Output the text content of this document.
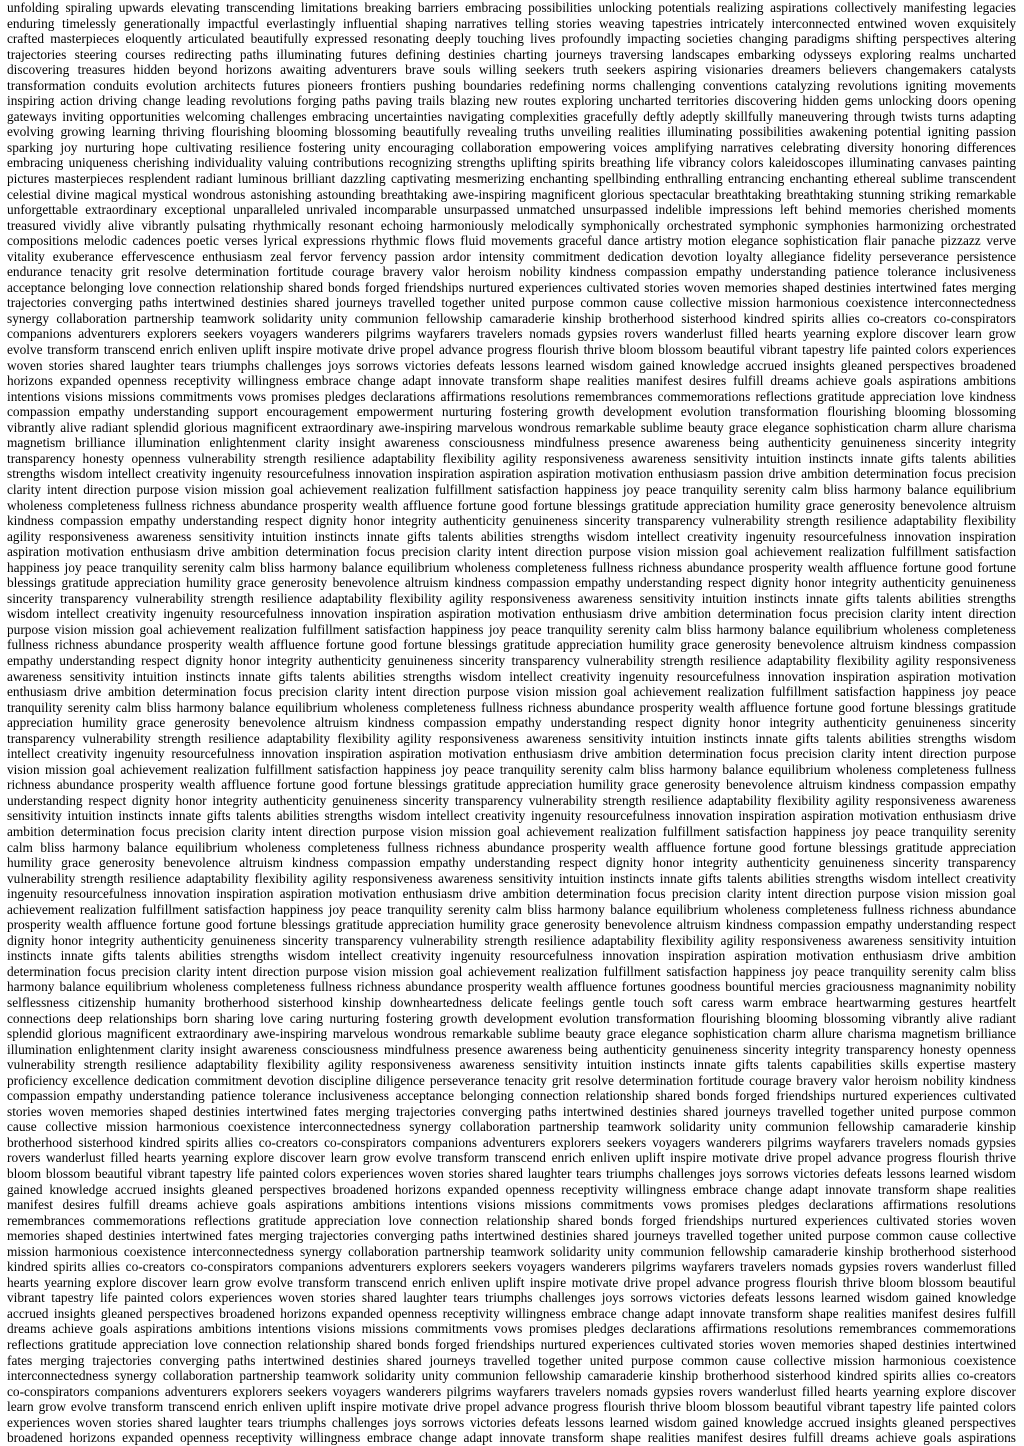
unfolding spiraling upwards elevating transcending limitations breaking barriers embracing possibilities unlocking potentials realizing aspirations collectively manifesting legacies
enduring timelessly generationally impactful everlastingly influential shaping narratives telling stories weaving tapestries intricately interconnected entwined woven exquisitely
crafted masterpieces eloquently articulated beautifully expressed resonating deeply touching lives profoundly impacting societies changing paradigms shifting perspectives altering
trajectories steering courses redirecting paths illuminating futures defining destinies charting journeys traversing landscapes embarking odysseys exploring realms uncharted
discovering treasures hidden beyond horizons awaiting adventurers brave souls willing seekers truth seekers aspiring visionaries dreamers believers changemakers catalysts
transformation conduits evolution architects futures pioneers frontiers pushing boundaries redefining norms challenging conventions catalyzing revolutions igniting movements
inspiring action driving change leading revolutions forging paths paving trails blazing new routes exploring uncharted territories discovering hidden gems unlocking doors opening
gateways inviting opportunities welcoming challenges embracing uncertainties navigating complexities gracefully deftly adeptly skillfully maneuvering through twists turns adapting
evolving growing learning thriving flourishing blooming blossoming beautifully revealing truths unveiling realities illuminating possibilities awakening potential igniting passion
sparking joy nurturing hope cultivating resilience fostering unity encouraging collaboration empowering voices amplifying narratives celebrating diversity honoring differences
embracing uniqueness cherishing individuality valuing contributions recognizing strengths uplifting spirits breathing life vibrancy colors kaleidoscopes illuminating canvases painting
pictures masterpieces resplendent radiant luminous brilliant dazzling captivating mesmerizing enchanting spellbinding enthralling entrancing enchanting ethereal sublime transcendent
celestial divine magical mystical wondrous astonishing astounding breathtaking awe-inspiring magnificent glorious spectacular breathtaking breathtaking stunning striking remarkable
unforgettable extraordinary exceptional unparalleled unrivaled incomparable unsurpassed unmatched unsurpassed indelible impressions left behind memories cherished moments
treasured vividly alive vibrantly pulsating rhythmically resonant echoing harmoniously melodically symphonically orchestrated symphonic symphonies harmonizing orchestrated
compositions melodic cadences poetic verses lyrical expressions rhythmic flows fluid movements graceful dance artistry motion elegance sophistication flair panache pizzazz verve
vitality exuberance effervescence enthusiasm zeal fervor fervency passion ardor intensity commitment dedication devotion loyalty allegiance fidelity perseverance persistence
endurance tenacity grit resolve determination fortitude courage bravery valor heroism nobility kindness compassion empathy understanding patience tolerance inclusiveness
acceptance belonging love connection relationship shared bonds forged friendships nurtured experiences cultivated stories woven memories shaped destinies intertwined fates merging
trajectories converging paths intertwined destinies shared journeys travelled together united purpose common cause collective mission harmonious coexistence interconnectedness
synergy collaboration partnership teamwork solidarity unity communion fellowship camaraderie kinship brotherhood sisterhood kindred spirits allies co-creators co-conspirators
companions adventurers explorers seekers voyagers wanderers pilgrims wayfarers travelers nomads gypsies rovers wanderlust filled hearts yearning explore discover learn grow
evolve transform transcend enrich enliven uplift inspire motivate drive propel advance progress flourish thrive bloom blossom beautiful vibrant tapestry life painted colors experiences
woven stories shared laughter tears triumphs challenges joys sorrows victories defeats lessons learned wisdom gained knowledge accrued insights gleaned perspectives broadened
horizons expanded openness receptivity willingness embrace change adapt innovate transform shape realities manifest desires fulfill dreams achieve goals aspirations ambitions
intentions visions missions commitments vows promises pledges declarations affirmations resolutions remembrances commemorations reflections gratitude appreciation love kindness
compassion empathy understanding support encouragement empowerment nurturing fostering growth development evolution transformation flourishing blooming blossoming
vibrantly alive radiant splendid glorious magnificent extraordinary awe-inspiring marvelous wondrous remarkable sublime beauty grace elegance sophistication charm allure charisma
magnetism brilliance illumination enlightenment clarity insight awareness consciousness mindfulness presence awareness being authenticity genuineness sincerity integrity
transparency honesty openness vulnerability strength resilience adaptability flexibility agility responsiveness awareness sensitivity intuition instincts innate gifts talents abilities
strengths wisdom intellect creativity ingenuity resourcefulness innovation inspiration aspiration aspiration motivation enthusiasm passion drive ambition determination focus precision
clarity intent direction purpose vision mission goal achievement realization fulfillment satisfaction happiness joy peace tranquility serenity calm bliss harmony balance equilibrium
wholeness completeness fullness richness abundance prosperity wealth affluence fortune good fortune blessings gratitude appreciation humility grace generosity benevolence altruism
kindness compassion empathy understanding respect dignity honor integrity authenticity genuineness sincerity transparency vulnerability strength resilience adaptability flexibility
agility responsiveness awareness sensitivity intuition instincts innate gifts talents abilities strengths wisdom intellect creativity ingenuity resourcefulness innovation inspiration
aspiration motivation enthusiasm drive ambition determination focus precision clarity intent direction purpose vision mission goal achievement realization fulfillment satisfaction
happiness joy peace tranquility serenity calm bliss harmony balance equilibrium wholeness completeness fullness richness abundance prosperity wealth affluence fortune good fortune
blessings gratitude appreciation humility grace generosity benevolence altruism kindness compassion empathy understanding respect dignity honor integrity authenticity genuineness
sincerity transparency vulnerability strength resilience adaptability flexibility agility responsiveness awareness sensitivity intuition instincts innate gifts talents abilities strengths
wisdom intellect creativity ingenuity resourcefulness innovation inspiration aspiration motivation enthusiasm drive ambition determination focus precision clarity intent direction
purpose vision mission goal achievement realization fulfillment satisfaction happiness joy peace tranquility serenity calm bliss harmony balance equilibrium wholeness completeness
fullness richness abundance prosperity wealth affluence fortune good fortune blessings gratitude appreciation humility grace generosity benevolence altruism kindness compassion
empathy understanding respect dignity honor integrity authenticity genuineness sincerity transparency vulnerability strength resilience adaptability flexibility agility responsiveness
awareness sensitivity intuition instincts innate gifts talents abilities strengths wisdom intellect creativity ingenuity resourcefulness innovation inspiration aspiration motivation
enthusiasm drive ambition determination focus precision clarity intent direction purpose vision mission goal achievement realization fulfillment satisfaction happiness joy peace
tranquility serenity calm bliss harmony balance equilibrium wholeness completeness fullness richness abundance prosperity wealth affluence fortune good fortune blessings gratitude
appreciation humility grace generosity benevolence altruism kindness compassion empathy understanding respect dignity honor integrity authenticity genuineness sincerity
transparency vulnerability strength resilience adaptability flexibility agility responsiveness awareness sensitivity intuition instincts innate gifts talents abilities strengths wisdom
intellect creativity ingenuity resourcefulness innovation inspiration aspiration motivation enthusiasm drive ambition determination focus precision clarity intent direction purpose
vision mission goal achievement realization fulfillment satisfaction happiness joy peace tranquility serenity calm bliss harmony balance equilibrium wholeness completeness fullness
richness abundance prosperity wealth affluence fortune good fortune blessings gratitude appreciation humility grace generosity benevolence altruism kindness compassion empathy
understanding respect dignity honor integrity authenticity genuineness sincerity transparency vulnerability strength resilience adaptability flexibility agility responsiveness awareness
sensitivity intuition instincts innate gifts talents abilities strengths wisdom intellect creativity ingenuity resourcefulness innovation inspiration aspiration motivation enthusiasm drive
ambition determination focus precision clarity intent direction purpose vision mission goal achievement realization fulfillment satisfaction happiness joy peace tranquility serenity
calm bliss harmony balance equilibrium wholeness completeness fullness richness abundance prosperity wealth affluence fortune good fortune blessings gratitude appreciation
humility grace generosity benevolence altruism kindness compassion empathy understanding respect dignity honor integrity authenticity genuineness sincerity transparency
vulnerability strength resilience adaptability flexibility agility responsiveness awareness sensitivity intuition instincts innate gifts talents abilities strengths wisdom intellect creativity
ingenuity resourcefulness innovation inspiration aspiration motivation enthusiasm drive ambition determination focus precision clarity intent direction purpose vision mission goal
achievement realization fulfillment satisfaction happiness joy peace tranquility serenity calm bliss harmony balance equilibrium wholeness completeness fullness richness abundance
prosperity wealth affluence fortune good fortune blessings gratitude appreciation humility grace generosity benevolence altruism kindness compassion empathy understanding respect
dignity honor integrity authenticity genuineness sincerity transparency vulnerability strength resilience adaptability flexibility agility responsiveness awareness sensitivity intuition
instincts innate gifts talents abilities strengths wisdom intellect creativity ingenuity resourcefulness innovation inspiration aspiration motivation enthusiasm drive ambition
determination focus precision clarity intent direction purpose vision mission goal achievement realization fulfillment satisfaction happiness joy peace tranquility serenity calm bliss
harmony balance equilibrium wholeness completeness fullness richness abundance prosperity wealth affluence fortunes goodness bountiful mercies graciousness magnanimity nobility
selflessness citizenship humanity brotherhood sisterhood kinship downheartedness delicate feelings gentle touch soft caress warm embrace heartwarming gestures heartfelt
connections deep relationships born sharing love caring nurturing fostering growth development evolution transformation flourishing blooming blossoming vibrantly alive radiant
splendid glorious magnificent extraordinary awe-inspiring marvelous wondrous remarkable sublime beauty grace elegance sophistication charm allure charisma magnetism brilliance
illumination enlightenment clarity insight awareness consciousness mindfulness presence awareness being authenticity genuineness sincerity integrity transparency honesty openness
vulnerability strength resilience adaptability flexibility agility responsiveness awareness sensitivity intuition instincts innate gifts talents capabilities skills expertise mastery
proficiency excellence dedication commitment devotion discipline diligence perseverance tenacity grit resolve determination fortitude courage bravery valor heroism nobility kindness
compassion empathy understanding patience tolerance inclusiveness acceptance belonging connection relationship shared bonds forged friendships nurtured experiences cultivated
stories woven memories shaped destinies intertwined fates merging trajectories converging paths intertwined destinies shared journeys travelled together united purpose common
cause collective mission harmonious coexistence interconnectedness synergy collaboration partnership teamwork solidarity unity communion fellowship camaraderie kinship
brotherhood sisterhood kindred spirits allies co-creators co-conspirators companions adventurers explorers seekers voyagers wanderers pilgrims wayfarers travelers nomads gypsies
rovers wanderlust filled hearts yearning explore discover learn grow evolve transform transcend enrich enliven uplift inspire motivate drive propel advance progress flourish thrive
bloom blossom beautiful vibrant tapestry life painted colors experiences woven stories shared laughter tears triumphs challenges joys sorrows victories defeats lessons learned wisdom
gained knowledge accrued insights gleaned perspectives broadened horizons expanded openness receptivity willingness embrace change adapt innovate transform shape realities
manifest desires fulfill dreams achieve goals aspirations ambitions intentions visions missions commitments vows promises pledges declarations affirmations resolutions
remembrances commemorations reflections gratitude appreciation love connection relationship shared bonds forged friendships nurtured experiences cultivated stories woven
memories shaped destinies intertwined fates merging trajectories converging paths intertwined destinies shared journeys travelled together united purpose common cause collective
mission harmonious coexistence interconnectedness synergy collaboration partnership teamwork solidarity unity communion fellowship camaraderie kinship brotherhood sisterhood
kindred spirits allies co-creators co-conspirators companions adventurers explorers seekers voyagers wanderers pilgrims wayfarers travelers nomads gypsies rovers wanderlust filled
hearts yearning explore discover learn grow evolve transform transcend enrich enliven uplift inspire motivate drive propel advance progress flourish thrive bloom blossom beautiful
vibrant tapestry life painted colors experiences woven stories shared laughter tears triumphs challenges joys sorrows victories defeats lessons learned wisdom gained knowledge
accrued insights gleaned perspectives broadened horizons expanded openness receptivity willingness embrace change adapt innovate transform shape realities manifest desires fulfill
dreams achieve goals aspirations ambitions intentions visions missions commitments vows promises pledges declarations affirmations resolutions remembrances commemorations
reflections gratitude appreciation love connection relationship shared bonds forged friendships nurtured experiences cultivated stories woven memories shaped destinies intertwined
fates merging trajectories converging paths intertwined destinies shared journeys travelled together united purpose common cause collective mission harmonious coexistence
interconnectedness synergy collaboration partnership teamwork solidarity unity communion fellowship camaraderie kinship brotherhood sisterhood kindred spirits allies co-creators
co-conspirators companions adventurers explorers seekers voyagers wanderers pilgrims wayfarers travelers nomads gypsies rovers wanderlust filled hearts yearning explore discover
learn grow evolve transform transcend enrich enliven uplift inspire motivate drive propel advance progress flourish thrive bloom blossom beautiful vibrant tapestry life painted colors
experiences woven stories shared laughter tears triumphs challenges joys sorrows victories defeats lessons learned wisdom gained knowledge accrued insights gleaned perspectives
broadened horizons expanded openness receptivity willingness embrace change adapt innovate transform shape realities manifest desires fulfill dreams achieve goals aspirations
